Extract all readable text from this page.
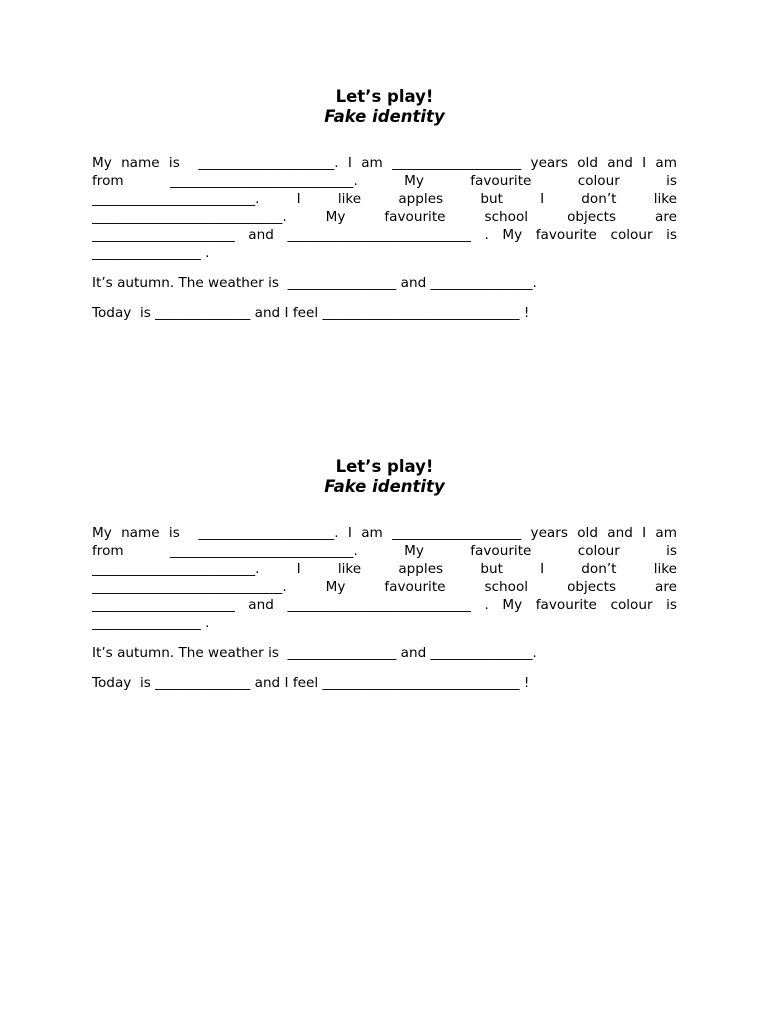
Let’s play!

Fake identity

My name is  ____________________. I am ___________________ years old and I am
from ___________________________. My favourite colour is
________________________. I like apples but I don’t like
____________________________. My favourite school objects are
_____________________ and ___________________________ . My favourite colour is
________________ .

It’s autumn. The weather is  ________________ and _______________.

Today  is ______________ and I feel _____________________________ !

Let’s play!

Fake identity

My name is  ____________________. I am ___________________ years old and I am
from ___________________________. My favourite colour is
________________________. I like apples but I don’t like
____________________________. My favourite school objects are
_____________________ and ___________________________ . My favourite colour is
________________ .

It’s autumn. The weather is  ________________ and _______________.

Today  is ______________ and I feel _____________________________ !
